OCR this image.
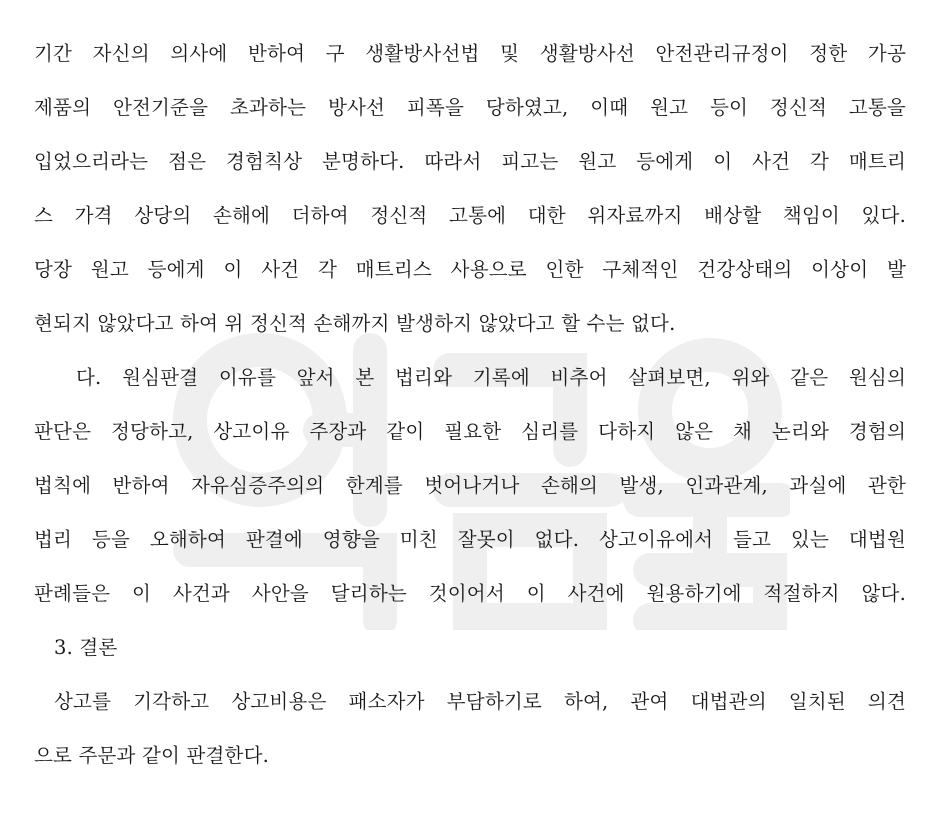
기간 자신의 의사에 반하여 구 생활방사선법 및 생활방사선 안전관리규정이 정한 가공
제품의 안전기준을 초과하는 방사선 피폭을 당하였고, 이때 원고 등이 정신적 고통을
입었으리라는 점은 경험칙상 분명하다. 따라서 피고는 원고 등에게 이 사건 각 매트리
스 가격 상당의 손해에 더하여 정신적 고통에 대한 위자료까지 배상할 책임이 있다.
당장 원고 등에게 이 사건 각 매트리스 사용으로 인한 구체적인 건강상태의 이상이 발
현되지 않았다고 하여 위 정신적 손해까지 발생하지 않았다고 할 수는 없다.
다. 원심판결 이유를 앞서 본 법리와 기록에 비추어 살펴보면, 위와 같은 원심의
판단은 정당하고, 상고이유 주장과 같이 필요한 심리를 다하지 않은 채 논리와 경험의
법칙에 반하여 자유심증주의의 한계를 벗어나거나 손해의 발생, 인과관계, 과실에 관한
법리 등을 오해하여 판결에 영향을 미친 잘못이 없다. 상고이유에서 들고 있는 대법원
판례들은 이 사건과 사안을 달리하는 것이어서 이 사건에 원용하기에 적절하지 않다.
3. 결론
상고를 기각하고 상고비용은 패소자가 부담하기로 하여, 관여 대법관의 일치된 의견
으로 주문과 같이 판결한다.
